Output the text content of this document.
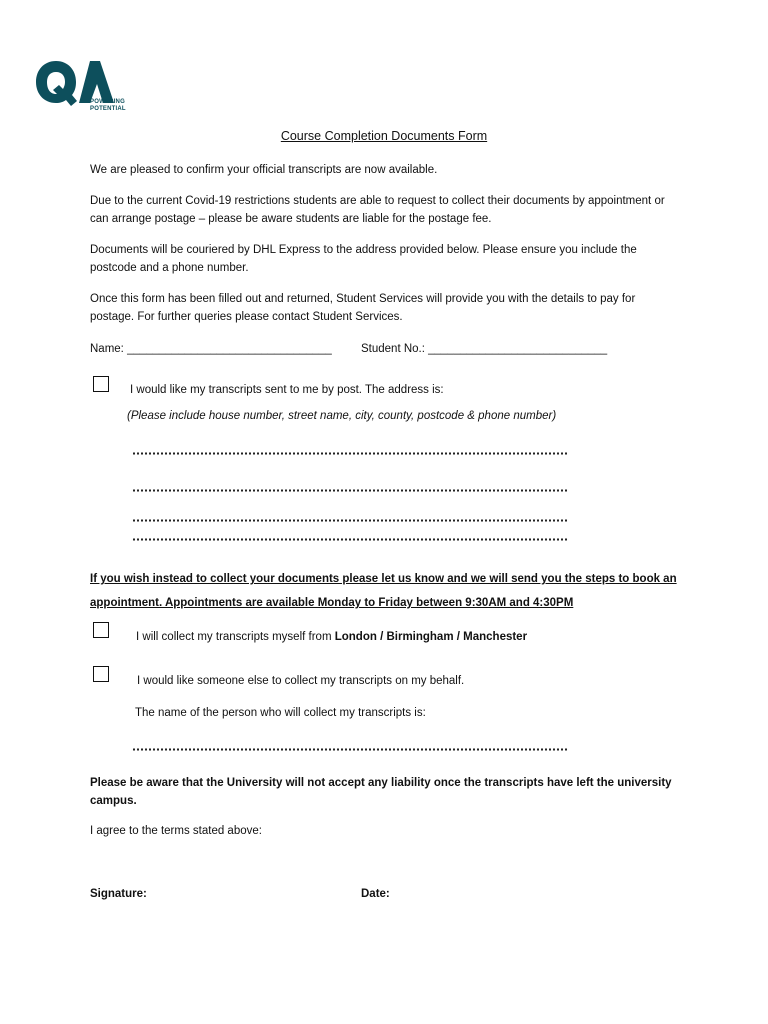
POWERING
POTENTIAL
Course Completion Documents Form
We are pleased to confirm your official transcripts are now available.
Due to the current Covid-19 restrictions students are able to request to collect their documents by appointment or
can arrange postage – please be aware students are liable for the postage fee.
Documents will be couriered by DHL Express to the address provided below. Please ensure you include the
postcode and a phone number.
Once this form has been filled out and returned, Student Services will provide you with the details to pay for
postage. For further queries please contact Student Services.
Name: ________________________________	Student No.: ____________________________
I would like my transcripts sent to me by post. The address is:
(Please include house number, street name, city, county, postcode & phone number)
If you wish instead to collect your documents please let us know and we will send you the steps to book an
appointment. Appointments are available Monday to Friday between 9:30AM and 4:30PM
I will collect my transcripts myself from London / Birmingham / Manchester
I would like someone else to collect my transcripts on my behalf.
The name of the person who will collect my transcripts is:
Please be aware that the University will not accept any liability once the transcripts have left the university
campus.
I agree to the terms stated above:
Signature:	Date:
